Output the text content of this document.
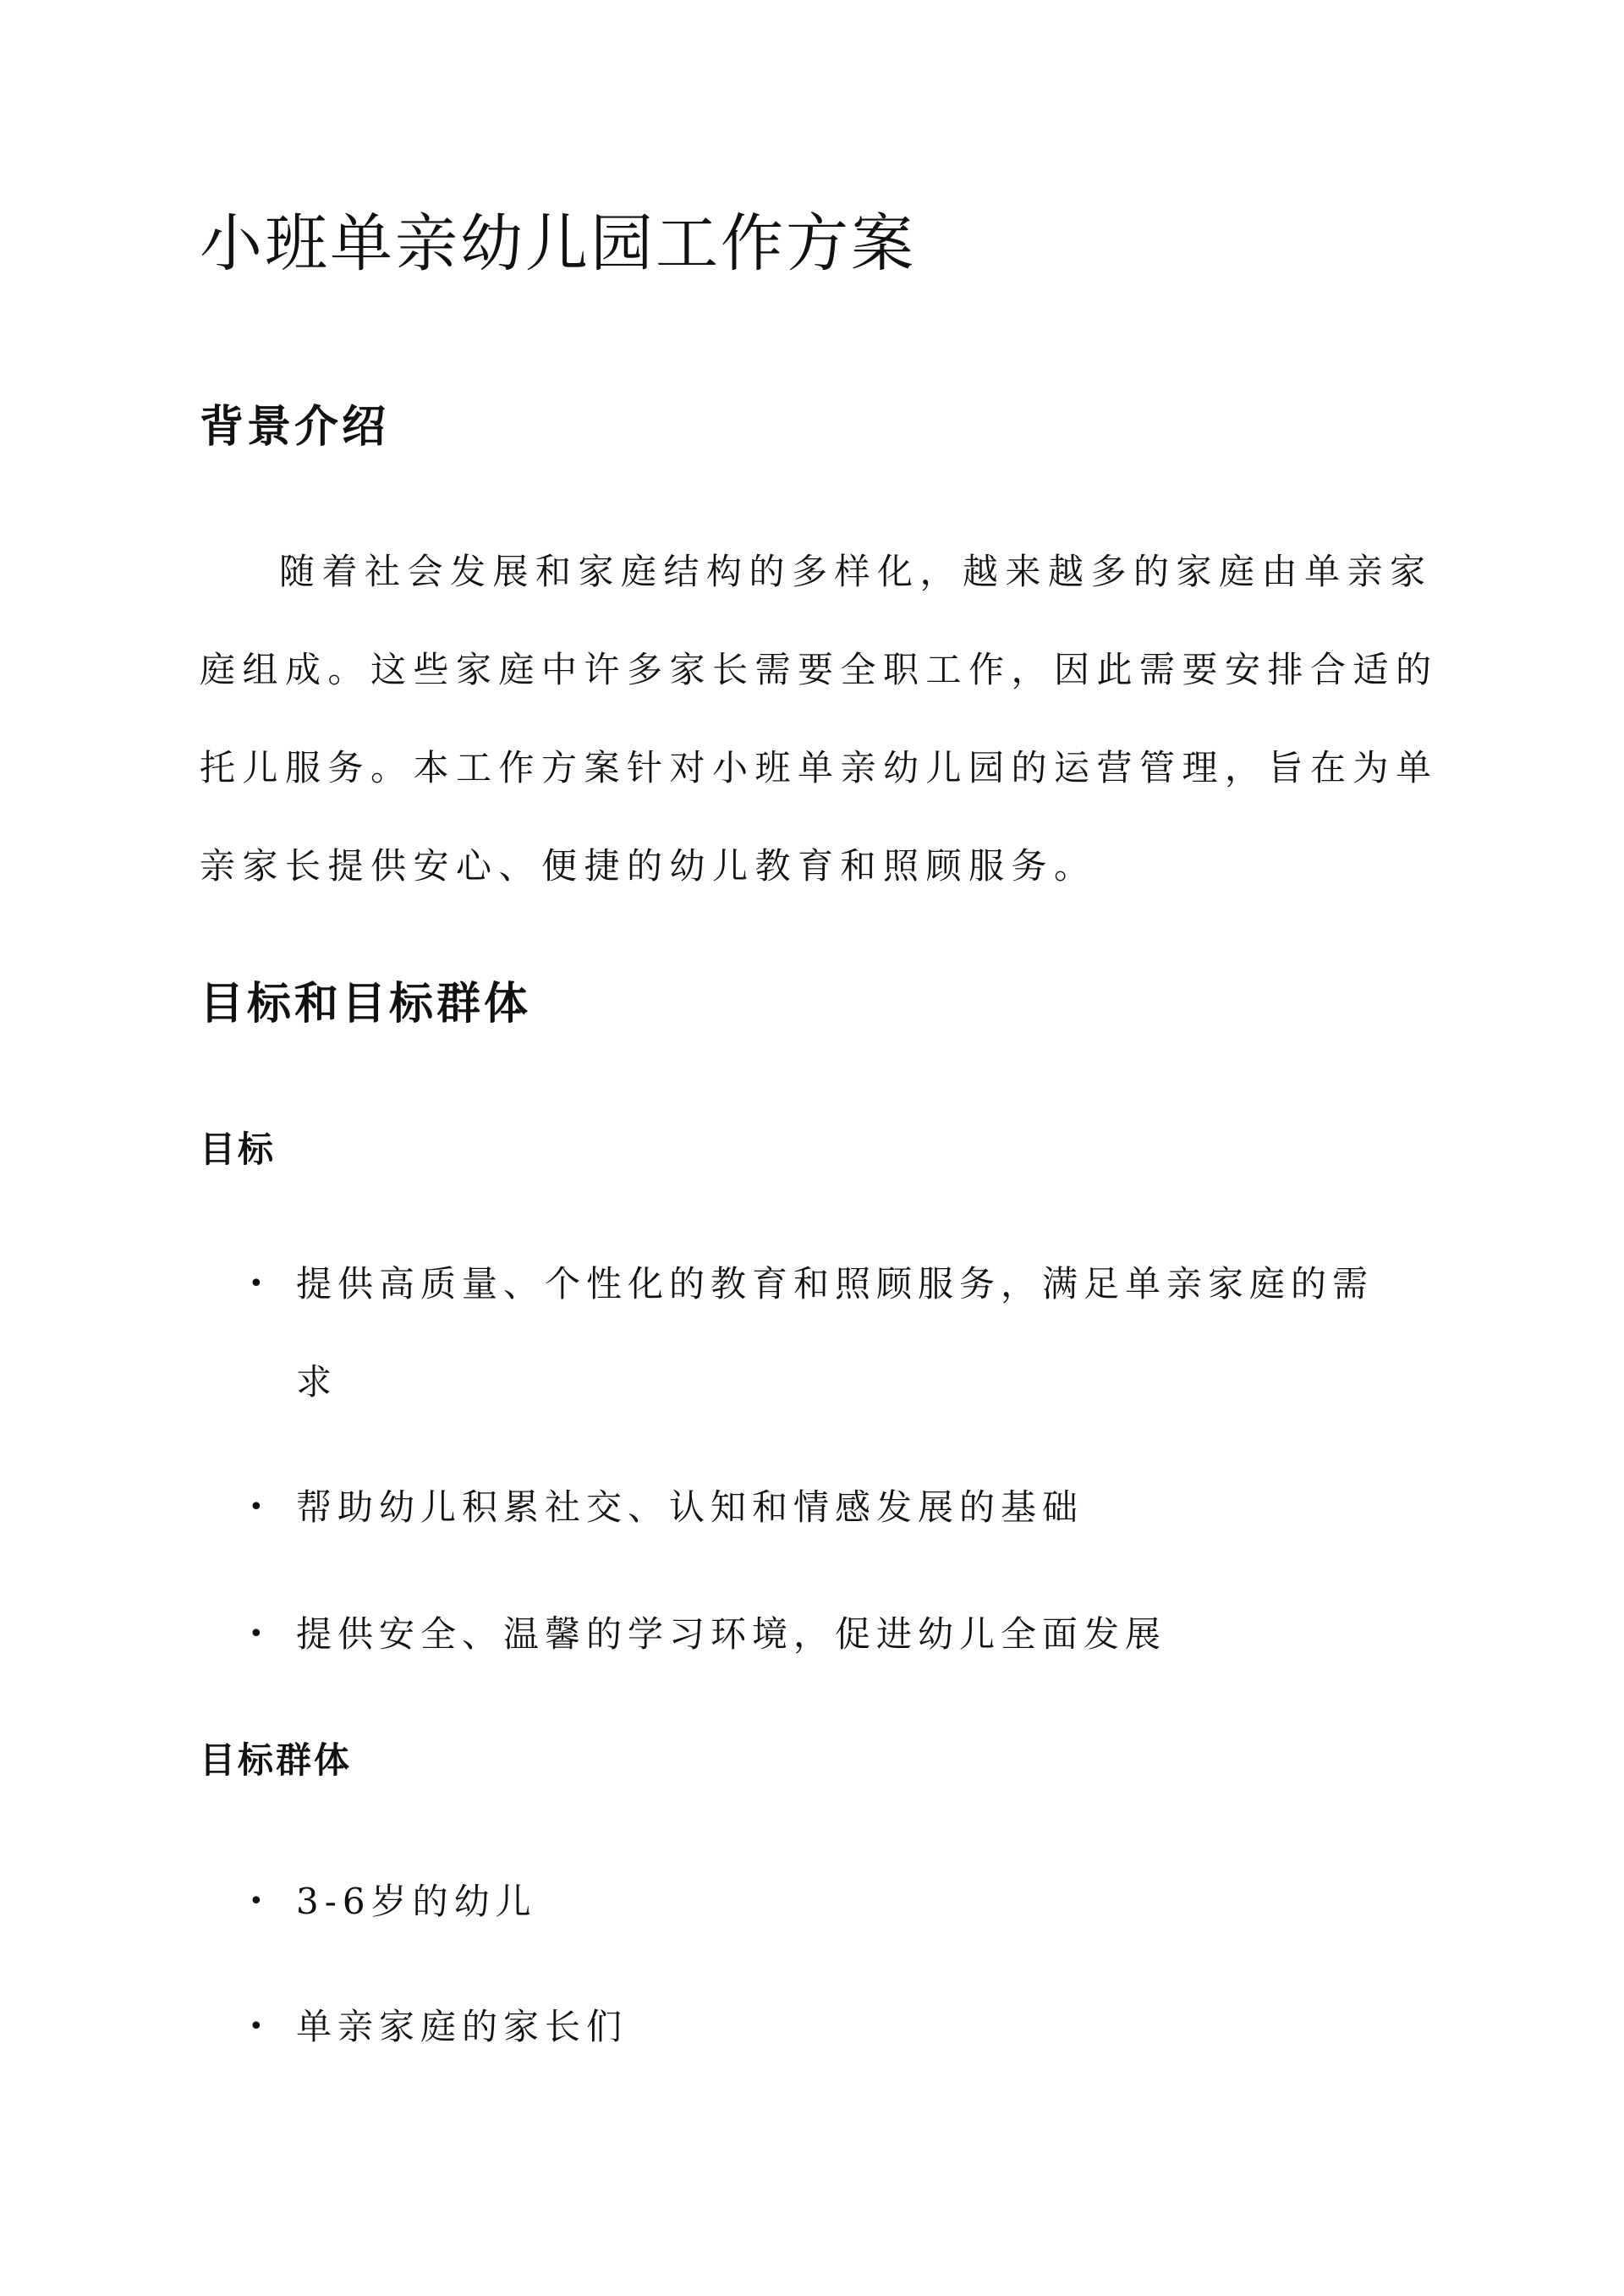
小班单亲幼儿园工作方案
背景介绍

随着社会发展和家庭结构的多样化，越来越多的家庭由单亲家

庭组成。这些家庭中许多家长需要全职工作，因此需要安排合适的

托儿服务。本工作方案针对小班单亲幼儿园的运营管理，旨在为单

亲家长提供安心、便捷的幼儿教育和照顾服务。

目标和目标群体
目标
• 提供高质量、个性化的教育和照顾服务，满足单亲家庭的需
求
• 帮助幼儿积累社交、认知和情感发展的基础
• 提供安全、温馨的学习环境，促进幼儿全面发展
目标群体
• 3-6岁的幼儿
• 单亲家庭的家长们
